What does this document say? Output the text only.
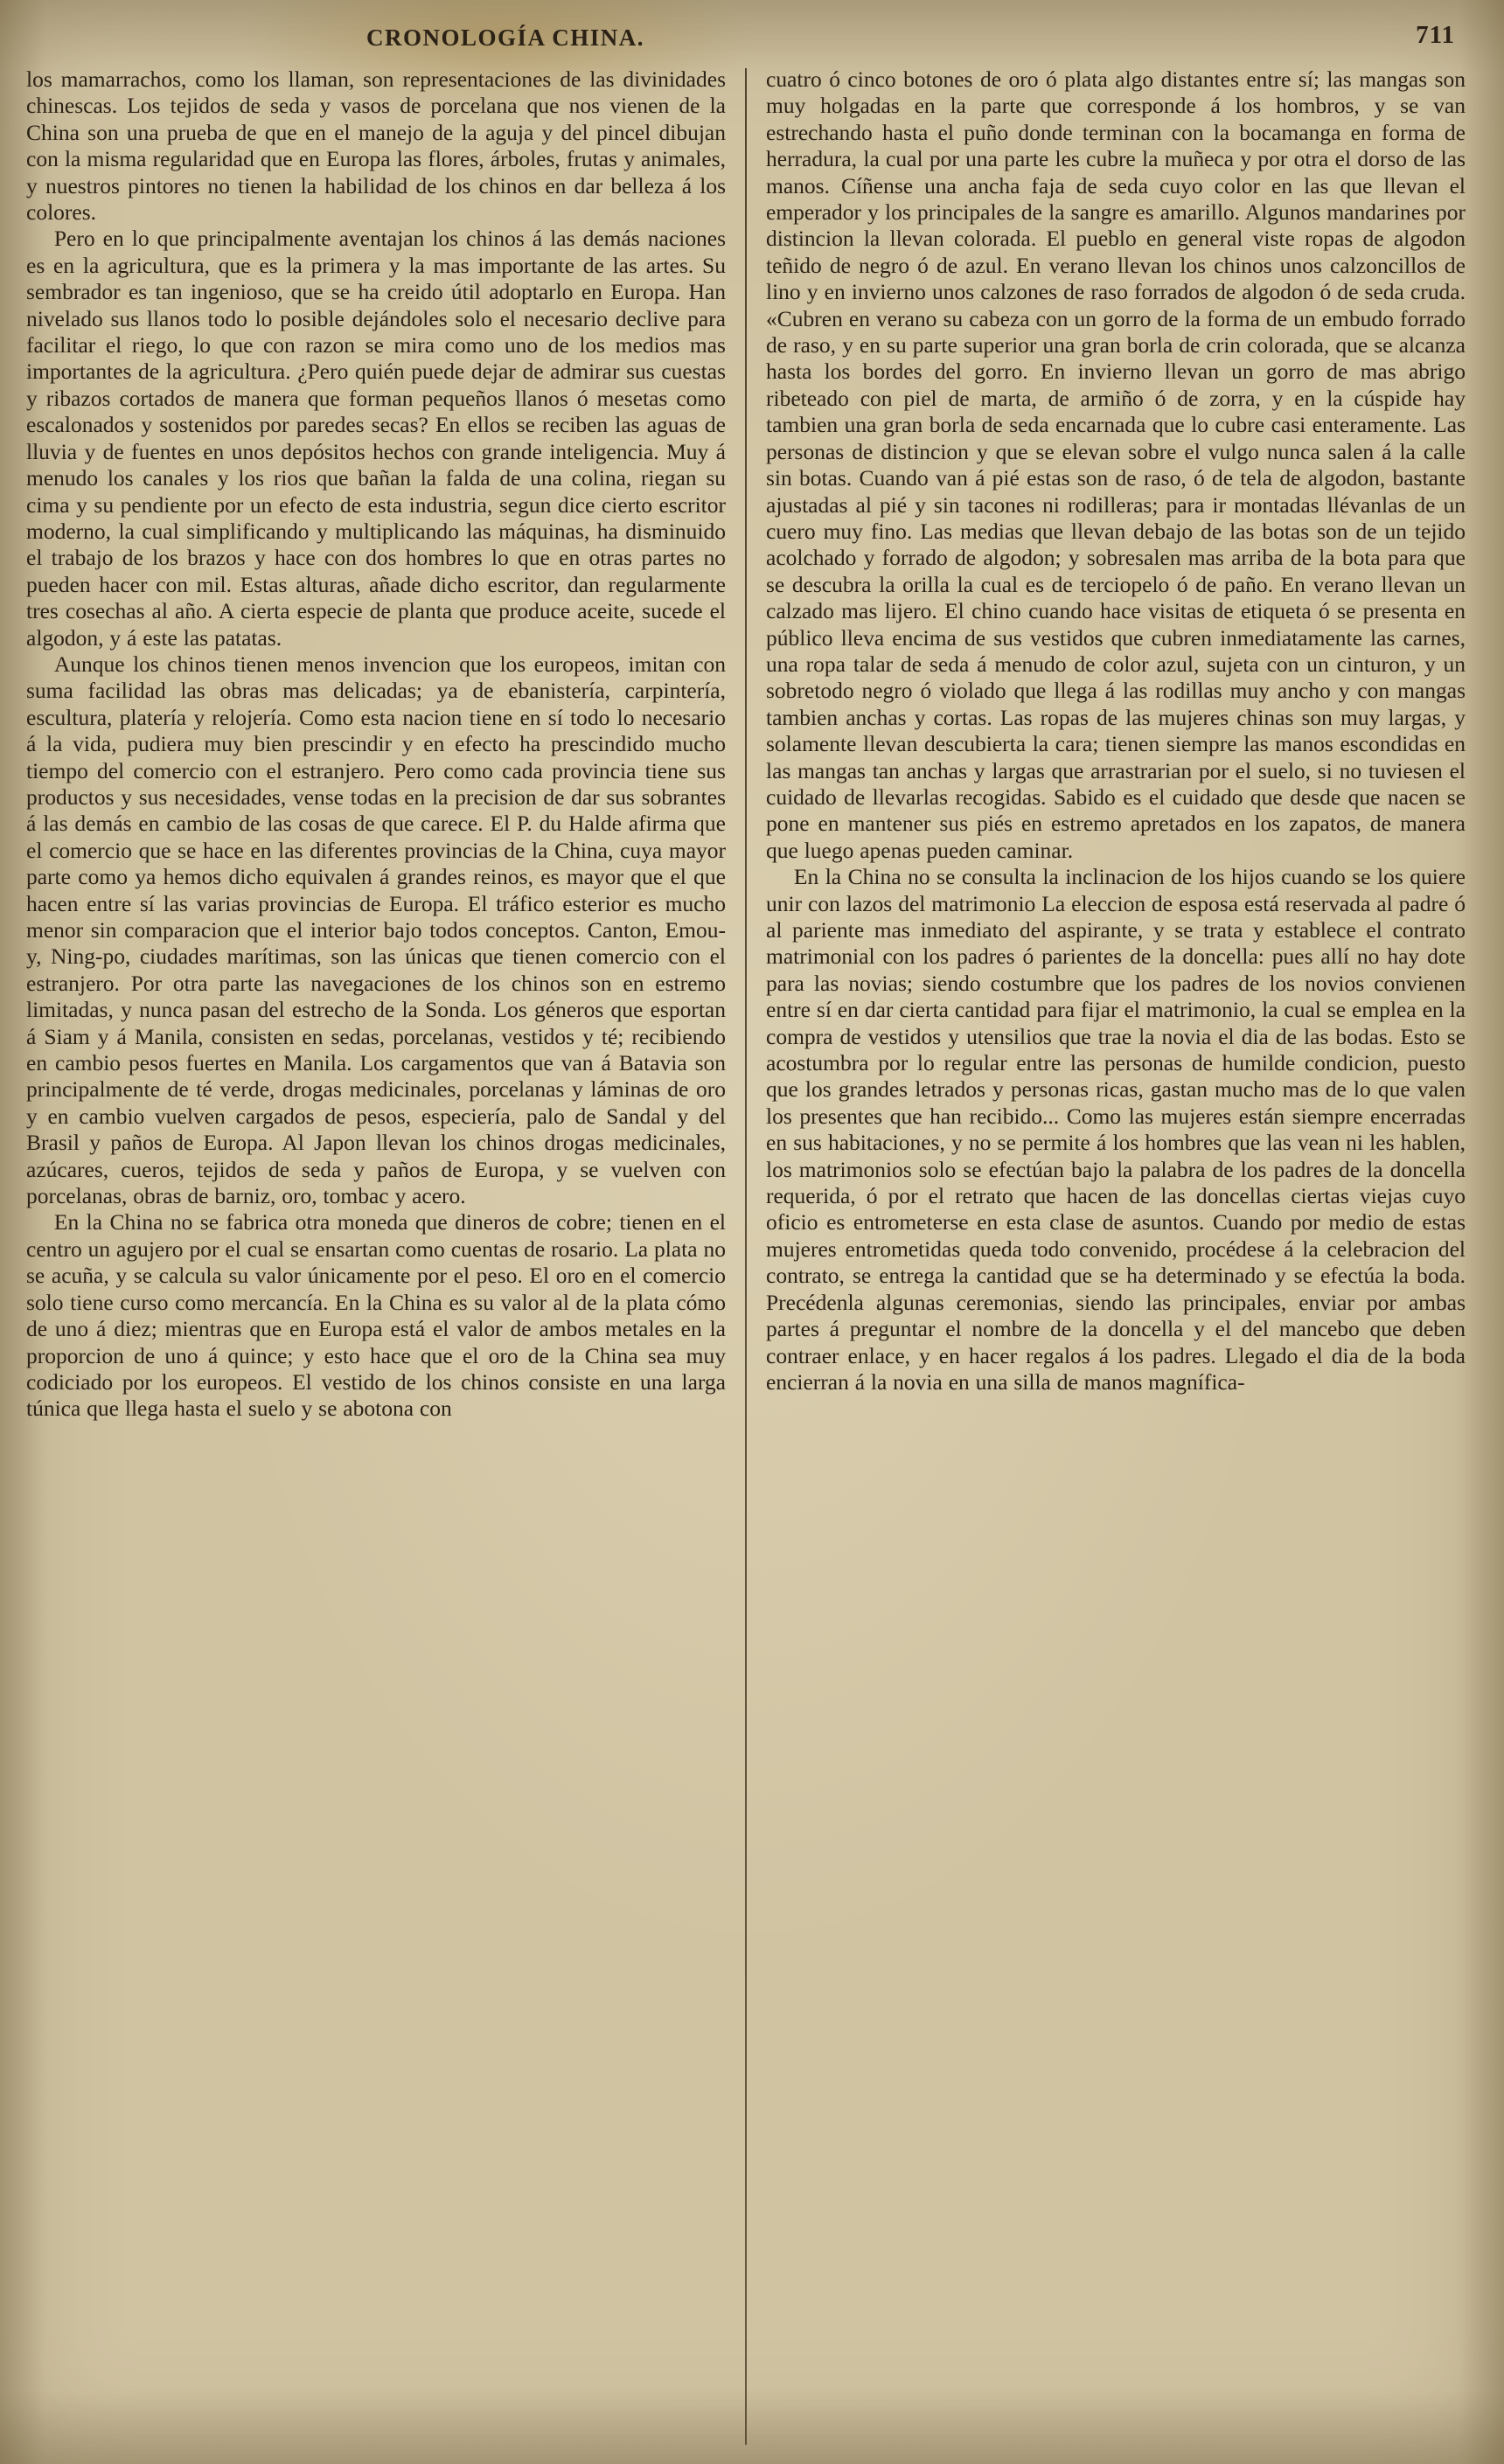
CRONOLOGÍA CHINA.	711

los mamarrachos, como los llaman, son representaciones de las divinidades chinescas. Los tejidos de seda y vasos de porcelana que nos vienen de la China son una prueba de que en el manejo de la aguja y del pincel dibujan con la misma regularidad que en Europa las flores, árboles, frutas y animales, y nuestros pintores no tienen la habilidad de los chinos en dar belleza á los colores.

Pero en lo que principalmente aventajan los chinos á las demás naciones es en la agricultura, que es la primera y la mas importante de las artes. Su sembrador es tan ingenioso, que se ha creido útil adoptarlo en Europa. Han nivelado sus llanos todo lo posible dejándoles solo el necesario declive para facilitar el riego, lo que con razon se mira como uno de los medios mas importantes de la agricultura. ¿Pero quién puede dejar de admirar sus cuestas y ribazos cortados de manera que forman pequeños llanos ó mesetas como escalonados y sostenidos por paredes secas? En ellos se reciben las aguas de lluvia y de fuentes en unos depósitos hechos con grande inteligencia. Muy á menudo los canales y los rios que bañan la falda de una colina, riegan su cima y su pendiente por un efecto de esta industria, segun dice cierto escritor moderno, la cual simplificando y multiplicando las máquinas, ha disminuido el trabajo de los brazos y hace con dos hombres lo que en otras partes no pueden hacer con mil. Estas alturas, añade dicho escritor, dan regularmente tres cosechas al año. A cierta especie de planta que produce aceite, sucede el algodon, y á este las patatas.

Aunque los chinos tienen menos invencion que los europeos, imitan con suma facilidad las obras mas delicadas; ya de ebanistería, carpintería, escultura, platería y relojería. Como esta nacion tiene en sí todo lo necesario á la vida, pudiera muy bien prescindir y en efecto ha prescindido mucho tiempo del comercio con el estranjero. Pero como cada provincia tiene sus productos y sus necesidades, vense todas en la precision de dar sus sobrantes á las demás en cambio de las cosas de que carece. El P. du Halde afirma que el comercio que se hace en las diferentes provincias de la China, cuya mayor parte como ya hemos dicho equivalen á grandes reinos, es mayor que el que hacen entre sí las varias provincias de Europa. El tráfico esterior es mucho menor sin comparacion que el interior bajo todos conceptos. Canton, Emou-y, Ning-po, ciudades marítimas, son las únicas que tienen comercio con el estranjero. Por otra parte las navegaciones de los chinos son en estremo limitadas, y nunca pasan del estrecho de la Sonda. Los géneros que esportan á Siam y á Manila, consisten en sedas, porcelanas, vestidos y té; recibiendo en cambio pesos fuertes en Manila. Los cargamentos que van á Batavia son principalmente de té verde, drogas medicinales, porcelanas y láminas de oro y en cambio vuelven cargados de pesos, especiería, palo de Sandal y del Brasil y paños de Europa. Al Japon llevan los chinos drogas medicinales, azúcares, cueros, tejidos de seda y paños de Europa, y se vuelven con porcelanas, obras de barniz, oro, tombac y acero.

En la China no se fabrica otra moneda que dineros de cobre; tienen en el centro un agujero por el cual se ensartan como cuentas de rosario. La plata no se acuña, y se calcula su valor únicamente por el peso. El oro en el comercio solo tiene curso como mercancía. En la China es su valor al de la plata cómo de uno á diez; mientras que en Europa está el valor de ambos metales en la proporcion de uno á quince; y esto hace que el oro de la China sea muy codiciado por los europeos. El vestido de los chinos consiste en una larga túnica que llega hasta el suelo y se abotona con

cuatro ó cinco botones de oro ó plata algo distantes entre sí; las mangas son muy holgadas en la parte que corresponde á los hombros, y se van estrechando hasta el puño donde terminan con la bocamanga en forma de herradura, la cual por una parte les cubre la muñeca y por otra el dorso de las manos. Cíñense una ancha faja de seda cuyo color en las que llevan el emperador y los principales de la sangre es amarillo. Algunos mandarines por distincion la llevan colorada. El pueblo en general viste ropas de algodon teñido de negro ó de azul. En verano llevan los chinos unos calzoncillos de lino y en invierno unos calzones de raso forrados de algodon ó de seda cruda. «Cubren en verano su cabeza con un gorro de la forma de un embudo forrado de raso, y en su parte superior una gran borla de crin colorada, que se alcanza hasta los bordes del gorro. En invierno llevan un gorro de mas abrigo ribeteado con piel de marta, de armiño ó de zorra, y en la cúspide hay tambien una gran borla de seda encarnada que lo cubre casi enteramente. Las personas de distincion y que se elevan sobre el vulgo nunca salen á la calle sin botas. Cuando van á pié estas son de raso, ó de tela de algodon, bastante ajustadas al pié y sin tacones ni rodilleras; para ir montadas llévanlas de un cuero muy fino. Las medias que llevan debajo de las botas son de un tejido acolchado y forrado de algodon; y sobresalen mas arriba de la bota para que se descubra la orilla la cual es de terciopelo ó de paño. En verano llevan un calzado mas lijero. El chino cuando hace visitas de etiqueta ó se presenta en público lleva encima de sus vestidos que cubren inmediatamente las carnes, una ropa talar de seda á menudo de color azul, sujeta con un cinturon, y un sobretodo negro ó violado que llega á las rodillas muy ancho y con mangas tambien anchas y cortas. Las ropas de las mujeres chinas son muy largas, y solamente llevan descubierta la cara; tienen siempre las manos escondidas en las mangas tan anchas y largas que arrastrarian por el suelo, si no tuviesen el cuidado de llevarlas recogidas. Sabido es el cuidado que desde que nacen se pone en mantener sus piés en estremo apretados en los zapatos, de manera que luego apenas pueden caminar.

En la China no se consulta la inclinacion de los hijos cuando se los quiere unir con lazos del matrimonio La eleccion de esposa está reservada al padre ó al pariente mas inmediato del aspirante, y se trata y establece el contrato matrimonial con los padres ó parientes de la doncella: pues allí no hay dote para las novias; siendo costumbre que los padres de los novios convienen entre sí en dar cierta cantidad para fijar el matrimonio, la cual se emplea en la compra de vestidos y utensilios que trae la novia el dia de las bodas. Esto se acostumbra por lo regular entre las personas de humilde condicion, puesto que los grandes letrados y personas ricas, gastan mucho mas de lo que valen los presentes que han recibido... Como las mujeres están siempre encerradas en sus habitaciones, y no se permite á los hombres que las vean ni les hablen, los matrimonios solo se efectúan bajo la palabra de los padres de la doncella requerida, ó por el retrato que hacen de las doncellas ciertas viejas cuyo oficio es entrometerse en esta clase de asuntos. Cuando por medio de estas mujeres entrometidas queda todo convenido, procédese á la celebracion del contrato, se entrega la cantidad que se ha determinado y se efectúa la boda. Precédenla algunas ceremonias, siendo las principales, enviar por ambas partes á preguntar el nombre de la doncella y el del mancebo que deben contraer enlace, y en hacer regalos á los padres. Llegado el dia de la boda encierran á la novia en una silla de manos magnífica-
